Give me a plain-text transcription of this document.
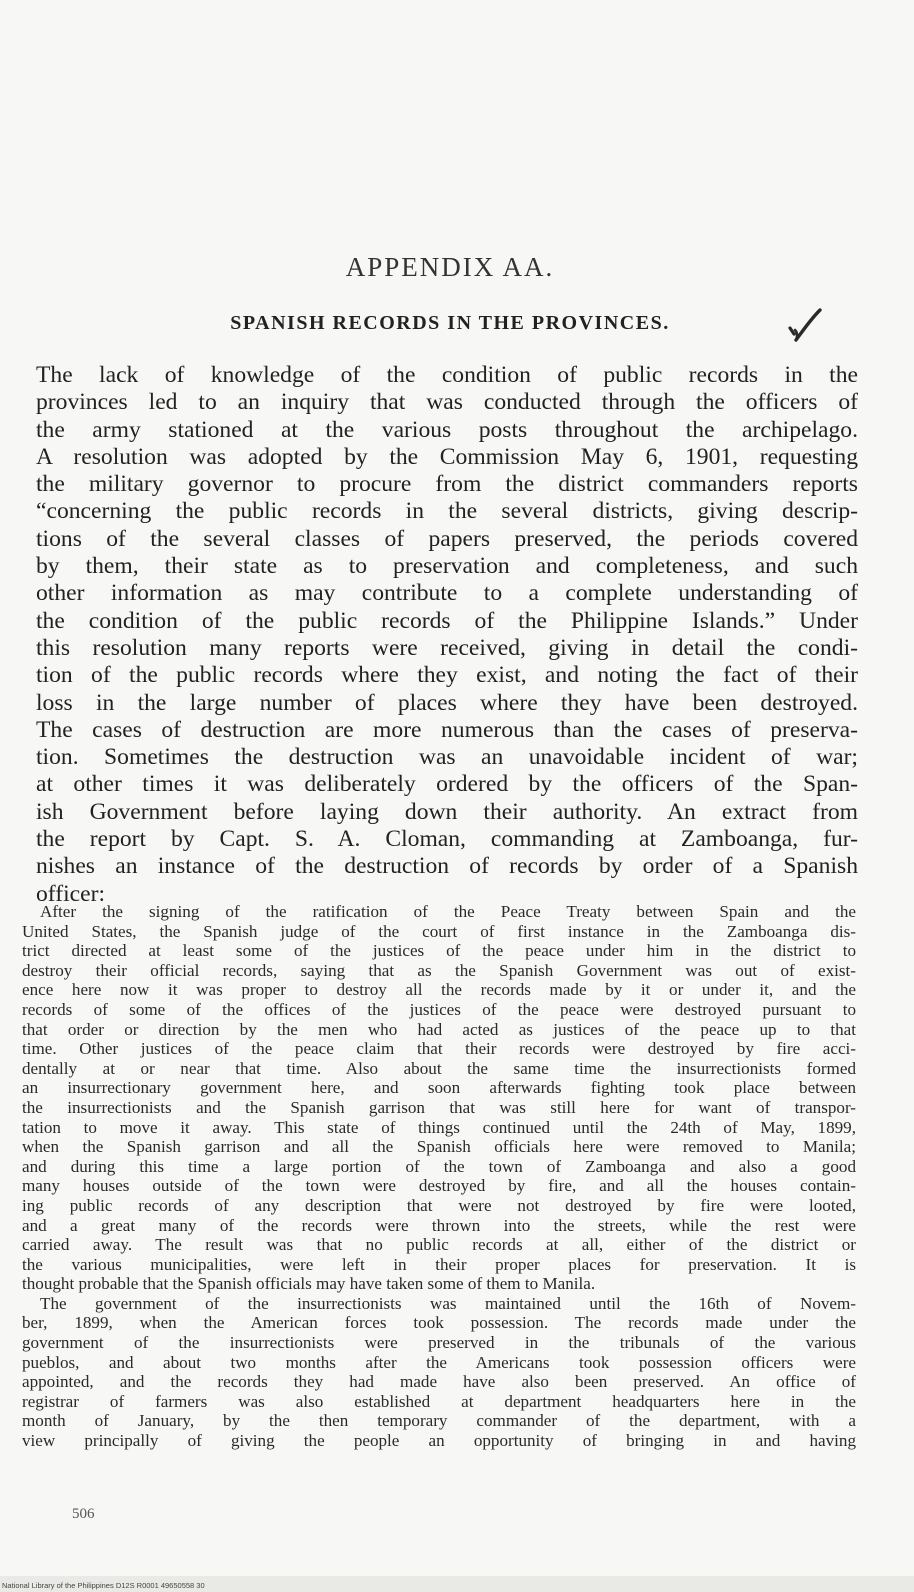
APPENDIX AA.
SPANISH RECORDS IN THE PROVINCES.
The lack of knowledge of the condition of public records in the
provinces led to an inquiry that was conducted through the officers of
the army stationed at the various posts throughout the archipelago.
A resolution was adopted by the Commission May 6, 1901, requesting
the military governor to procure from the district commanders reports
“concerning the public records in the several districts, giving descrip-
tions of the several classes of papers preserved, the periods covered
by them, their state as to preservation and completeness, and such
other information as may contribute to a complete understanding of
the condition of the public records of the Philippine Islands.” Under
this resolution many reports were received, giving in detail the condi-
tion of the public records where they exist, and noting the fact of their
loss in the large number of places where they have been destroyed.
The cases of destruction are more numerous than the cases of preserva-
tion. Sometimes the destruction was an unavoidable incident of war;
at other times it was deliberately ordered by the officers of the Span-
ish Government before laying down their authority. An extract from
the report by Capt. S. A. Cloman, commanding at Zamboanga, fur-
nishes an instance of the destruction of records by order of a Spanish
officer:
After the signing of the ratification of the Peace Treaty between Spain and the
United States, the Spanish judge of the court of first instance in the Zamboanga dis-
trict directed at least some of the justices of the peace under him in the district to
destroy their official records, saying that as the Spanish Government was out of exist-
ence here now it was proper to destroy all the records made by it or under it, and the
records of some of the offices of the justices of the peace were destroyed pursuant to
that order or direction by the men who had acted as justices of the peace up to that
time. Other justices of the peace claim that their records were destroyed by fire acci-
dentally at or near that time. Also about the same time the insurrectionists formed
an insurrectionary government here, and soon afterwards fighting took place between
the insurrectionists and the Spanish garrison that was still here for want of transpor-
tation to move it away. This state of things continued until the 24th of May, 1899,
when the Spanish garrison and all the Spanish officials here were removed to Manila;
and during this time a large portion of the town of Zamboanga and also a good
many houses outside of the town were destroyed by fire, and all the houses contain-
ing public records of any description that were not destroyed by fire were looted,
and a great many of the records were thrown into the streets, while the rest were
carried away. The result was that no public records at all, either of the district or
the various municipalities, were left in their proper places for preservation. It is
thought probable that the Spanish officials may have taken some of them to Manila.
The government of the insurrectionists was maintained until the 16th of Novem-
ber, 1899, when the American forces took possession. The records made under the
government of the insurrectionists were preserved in the tribunals of the various
pueblos, and about two months after the Americans took possession officers were
appointed, and the records they had made have also been preserved. An office of
registrar of farmers was also established at department headquarters here in the
month of January, by the then temporary commander of the department, with a
view principally of giving the people an opportunity of bringing in and having
506
National Library of the Philippines D12S R0001 49650558 30
